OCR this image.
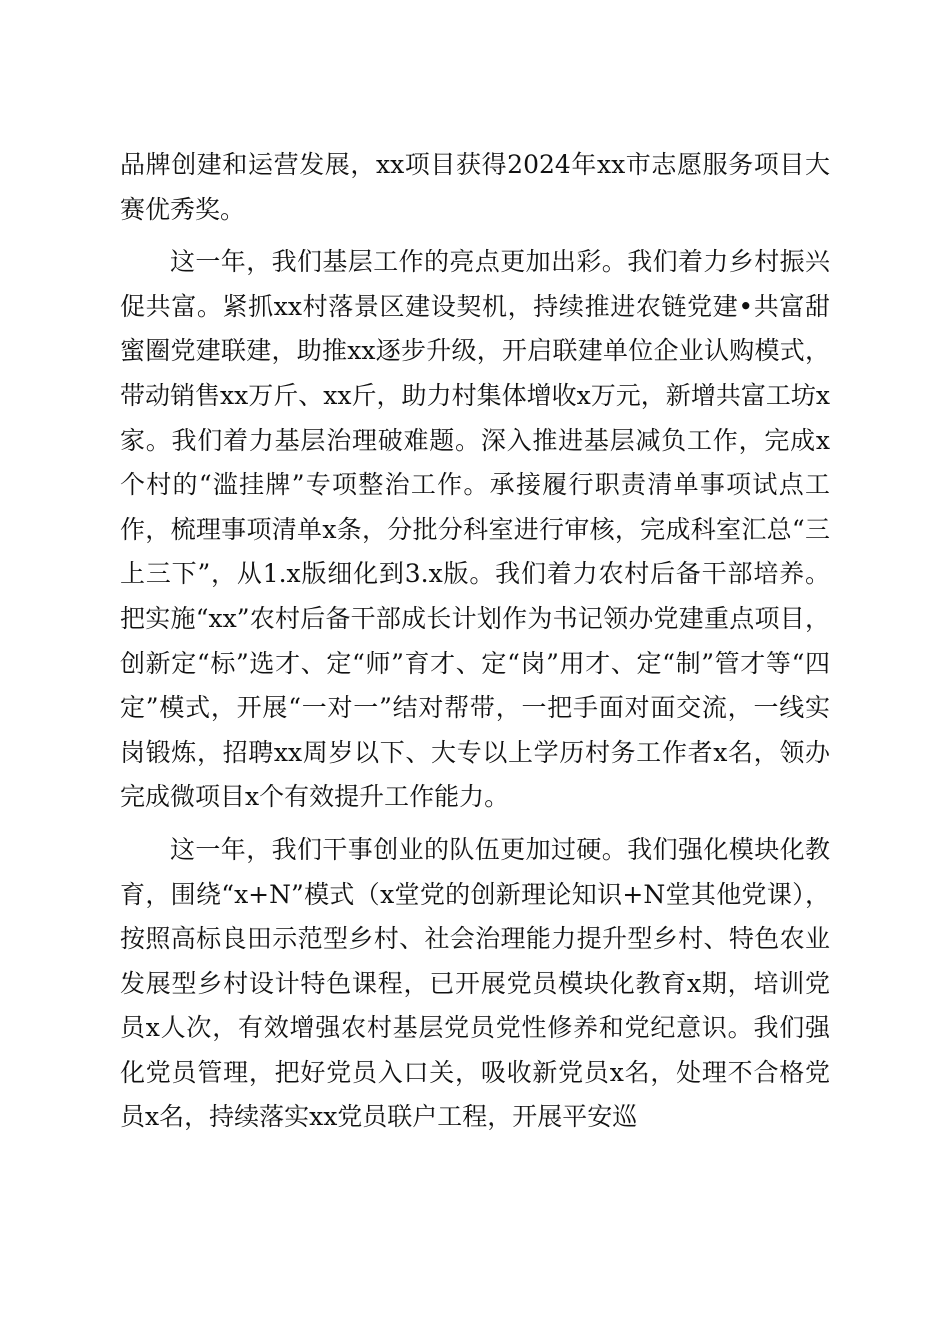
品牌创建和运营发展，xx项目获得2024年xx市志愿服务项目大赛优秀奖。

这一年，我们基层工作的亮点更加出彩。我们着力乡村振兴促共富。紧抓xx村落景区建设契机，持续推进农链党建•共富甜蜜圈党建联建，助推xx逐步升级，开启联建单位企业认购模式，带动销售xx万斤、xx斤，助力村集体增收x万元，新增共富工坊x家。我们着力基层治理破难题。深入推进基层减负工作，完成x个村的“滥挂牌”专项整治工作。承接履行职责清单事项试点工作，梳理事项清单x条，分批分科室进行审核，完成科室汇总“三上三下”，从1.x版细化到3.x版。我们着力农村后备干部培养。把实施“xx”农村后备干部成长计划作为书记领办党建重点项目，创新定“标”选才、定“师”育才、定“岗”用才、定“制”管才等“四定”模式，开展“一对一”结对帮带，一把手面对面交流，一线实岗锻炼，招聘xx周岁以下、大专以上学历村务工作者x名，领办完成微项目x个有效提升工作能力。

这一年，我们干事创业的队伍更加过硬。我们强化模块化教育，围绕“x+N”模式（x堂党的创新理论知识+N堂其他党课），按照高标良田示范型乡村、社会治理能力提升型乡村、特色农业发展型乡村设计特色课程，已开展党员模块化教育x期，培训党员x人次，有效增强农村基层党员党性修养和党纪意识。我们强化党员管理，把好党员入口关，吸收新党员x名，处理不合格党员x名，持续落实xx党员联户工程，开展平安巡
